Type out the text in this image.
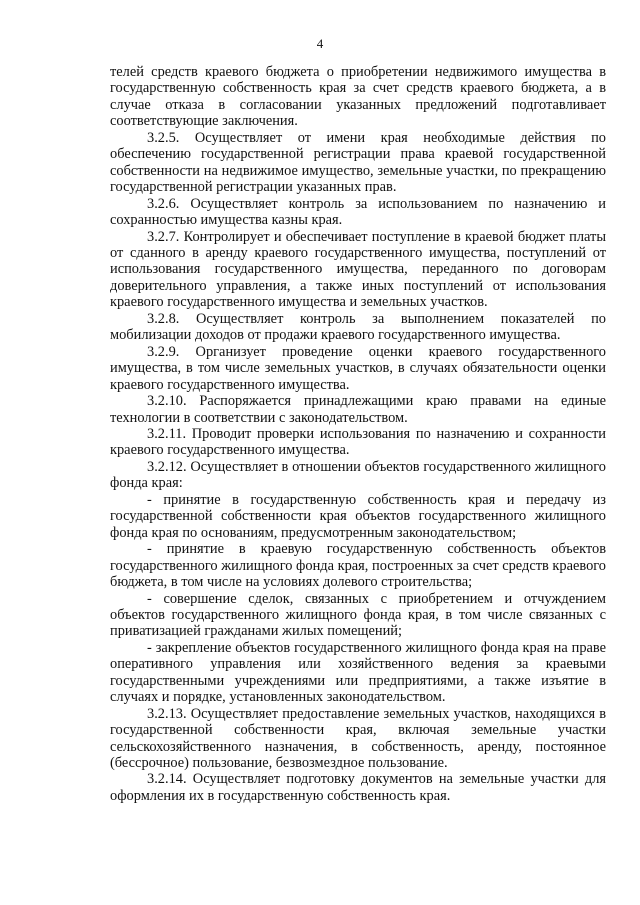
4

телей средств краевого бюджета о приобретении недвижимого имущества в государственную собственность края за счет средств краевого бюджета, а в случае отказа в согласовании указанных предложений подготавливает соответствующие заключения.

3.2.5. Осуществляет от имени края необходимые действия по обеспечению государственной регистрации права краевой государственной собственности на недвижимое имущество, земельные участки, по прекращению государственной регистрации указанных прав.

3.2.6. Осуществляет контроль за использованием по назначению и сохранностью имущества казны края.

3.2.7. Контролирует и обеспечивает поступление в краевой бюджет платы от сданного в аренду краевого государственного имущества, поступлений от использования государственного имущества, переданного по договорам доверительного управления, а также иных поступлений от использования краевого государственного имущества и земельных участков.

3.2.8. Осуществляет контроль за выполнением показателей по мобилизации доходов от продажи краевого государственного имущества.

3.2.9. Организует проведение оценки краевого государственного имущества, в том числе земельных участков, в случаях обязательности оценки краевого государственного имущества.

3.2.10. Распоряжается принадлежащими краю правами на единые технологии в соответствии с законодательством.

3.2.11. Проводит проверки использования по назначению и сохранности краевого государственного имущества.

3.2.12. Осуществляет в отношении объектов государственного жилищного фонда края:

- принятие в государственную собственность края и передачу из государственной собственности края объектов государственного жилищного фонда края по основаниям, предусмотренным законодательством;

- принятие в краевую государственную собственность объектов государственного жилищного фонда края, построенных за счет средств краевого бюджета, в том числе на условиях долевого строительства;

- совершение сделок, связанных с приобретением и отчуждением объектов государственного жилищного фонда края, в том числе связанных с приватизацией гражданами жилых помещений;

- закрепление объектов государственного жилищного фонда края на праве оперативного управления или хозяйственного ведения за краевыми государственными учреждениями или предприятиями, а также изъятие в случаях и порядке, установленных законодательством.

3.2.13. Осуществляет предоставление земельных участков, находящихся в государственной собственности края, включая земельные участки сельскохозяйственного назначения, в собственность, аренду, постоянное (бессрочное) пользование, безвозмездное пользование.

3.2.14. Осуществляет подготовку документов на земельные участки для оформления их в государственную собственность края.
